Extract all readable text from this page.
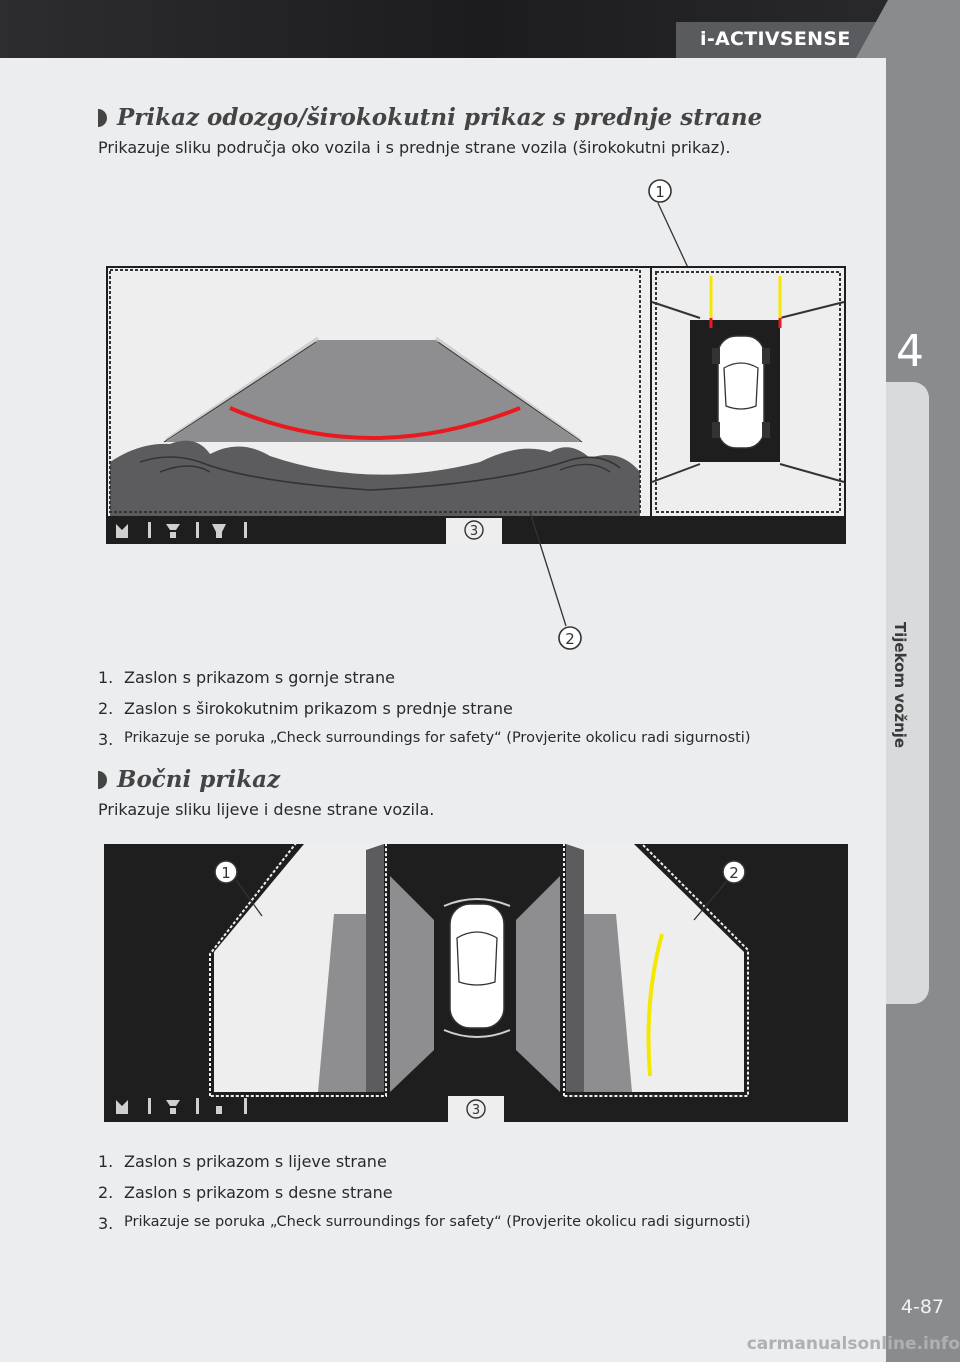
i-ACTIVSENSE
4
Tijekom vožnje
4-87
carmanualsonline.info
Prikaz odozgo/širokokutni prikaz s prednje strane
Prikazuje sliku područja oko vozila i s prednje strane vozila (širokokutni prikaz).
1
3
2
1. Zaslon s prikazom s gornje strane
2. Zaslon s širokokutnim prikazom s prednje strane
3. Prikazuje se poruka „Check surroundings for safety“ (Provjerite okolicu radi sigurnosti)
Bočni prikaz
Prikazuje sliku lijeve i desne strane vozila.
1	2
3
1. Zaslon s prikazom s lijeve strane
2. Zaslon s prikazom s desne strane
3. Prikazuje se poruka „Check surroundings for safety“ (Provjerite okolicu radi sigurnosti)
